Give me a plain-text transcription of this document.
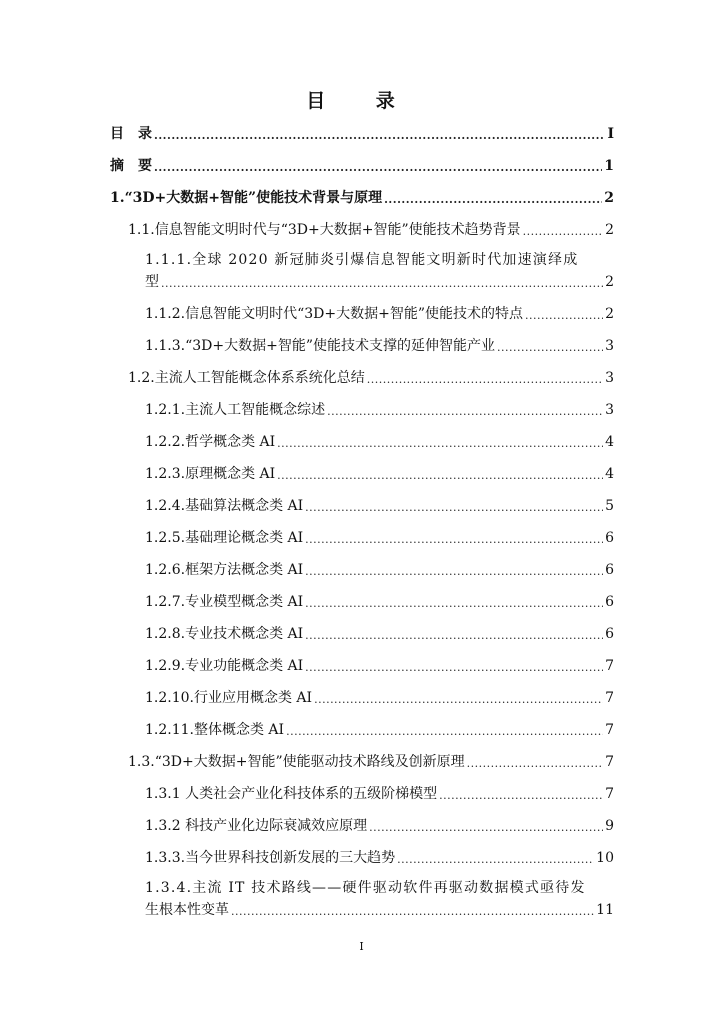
目 录
目　录 .....	I
摘　要 .....	1
1.“3D+大数据+智能”使能技术背景与原理 .....	2
1.1.信息智能文明时代与“3D+大数据+智能”使能技术趋势背景 .....	2
1.1.1.全球 2020 新冠肺炎引爆信息智能文明新时代加速演绎成
型 .....	2
1.1.2.信息智能文明时代“3D+大数据+智能”使能技术的特点 .....	2
1.1.3.“3D+大数据+智能”使能技术支撑的延伸智能产业 .....	3
1.2.主流人工智能概念体系系统化总结 .....	3
1.2.1.主流人工智能概念综述 .....	3
1.2.2.哲学概念类 AI .....	4
1.2.3.原理概念类 AI .....	4
1.2.4.基础算法概念类 AI .....	5
1.2.5.基础理论概念类 AI .....	6
1.2.6.框架方法概念类 AI .....	6
1.2.7.专业模型概念类 AI .....	6
1.2.8.专业技术概念类 AI .....	6
1.2.9.专业功能概念类 AI .....	7
1.2.10.行业应用概念类 AI .....	7
1.2.11.整体概念类 AI .....	7
1.3.“3D+大数据+智能”使能驱动技术路线及创新原理 .....	7
1.3.1 人类社会产业化科技体系的五级阶梯模型 .....	7
1.3.2 科技产业化边际衰减效应原理 .....	9
1.3.3.当今世界科技创新发展的三大趋势 .....	10
1.3.4.主流 IT 技术路线——硬件驱动软件再驱动数据模式亟待发
生根本性变革 .....	11
I
